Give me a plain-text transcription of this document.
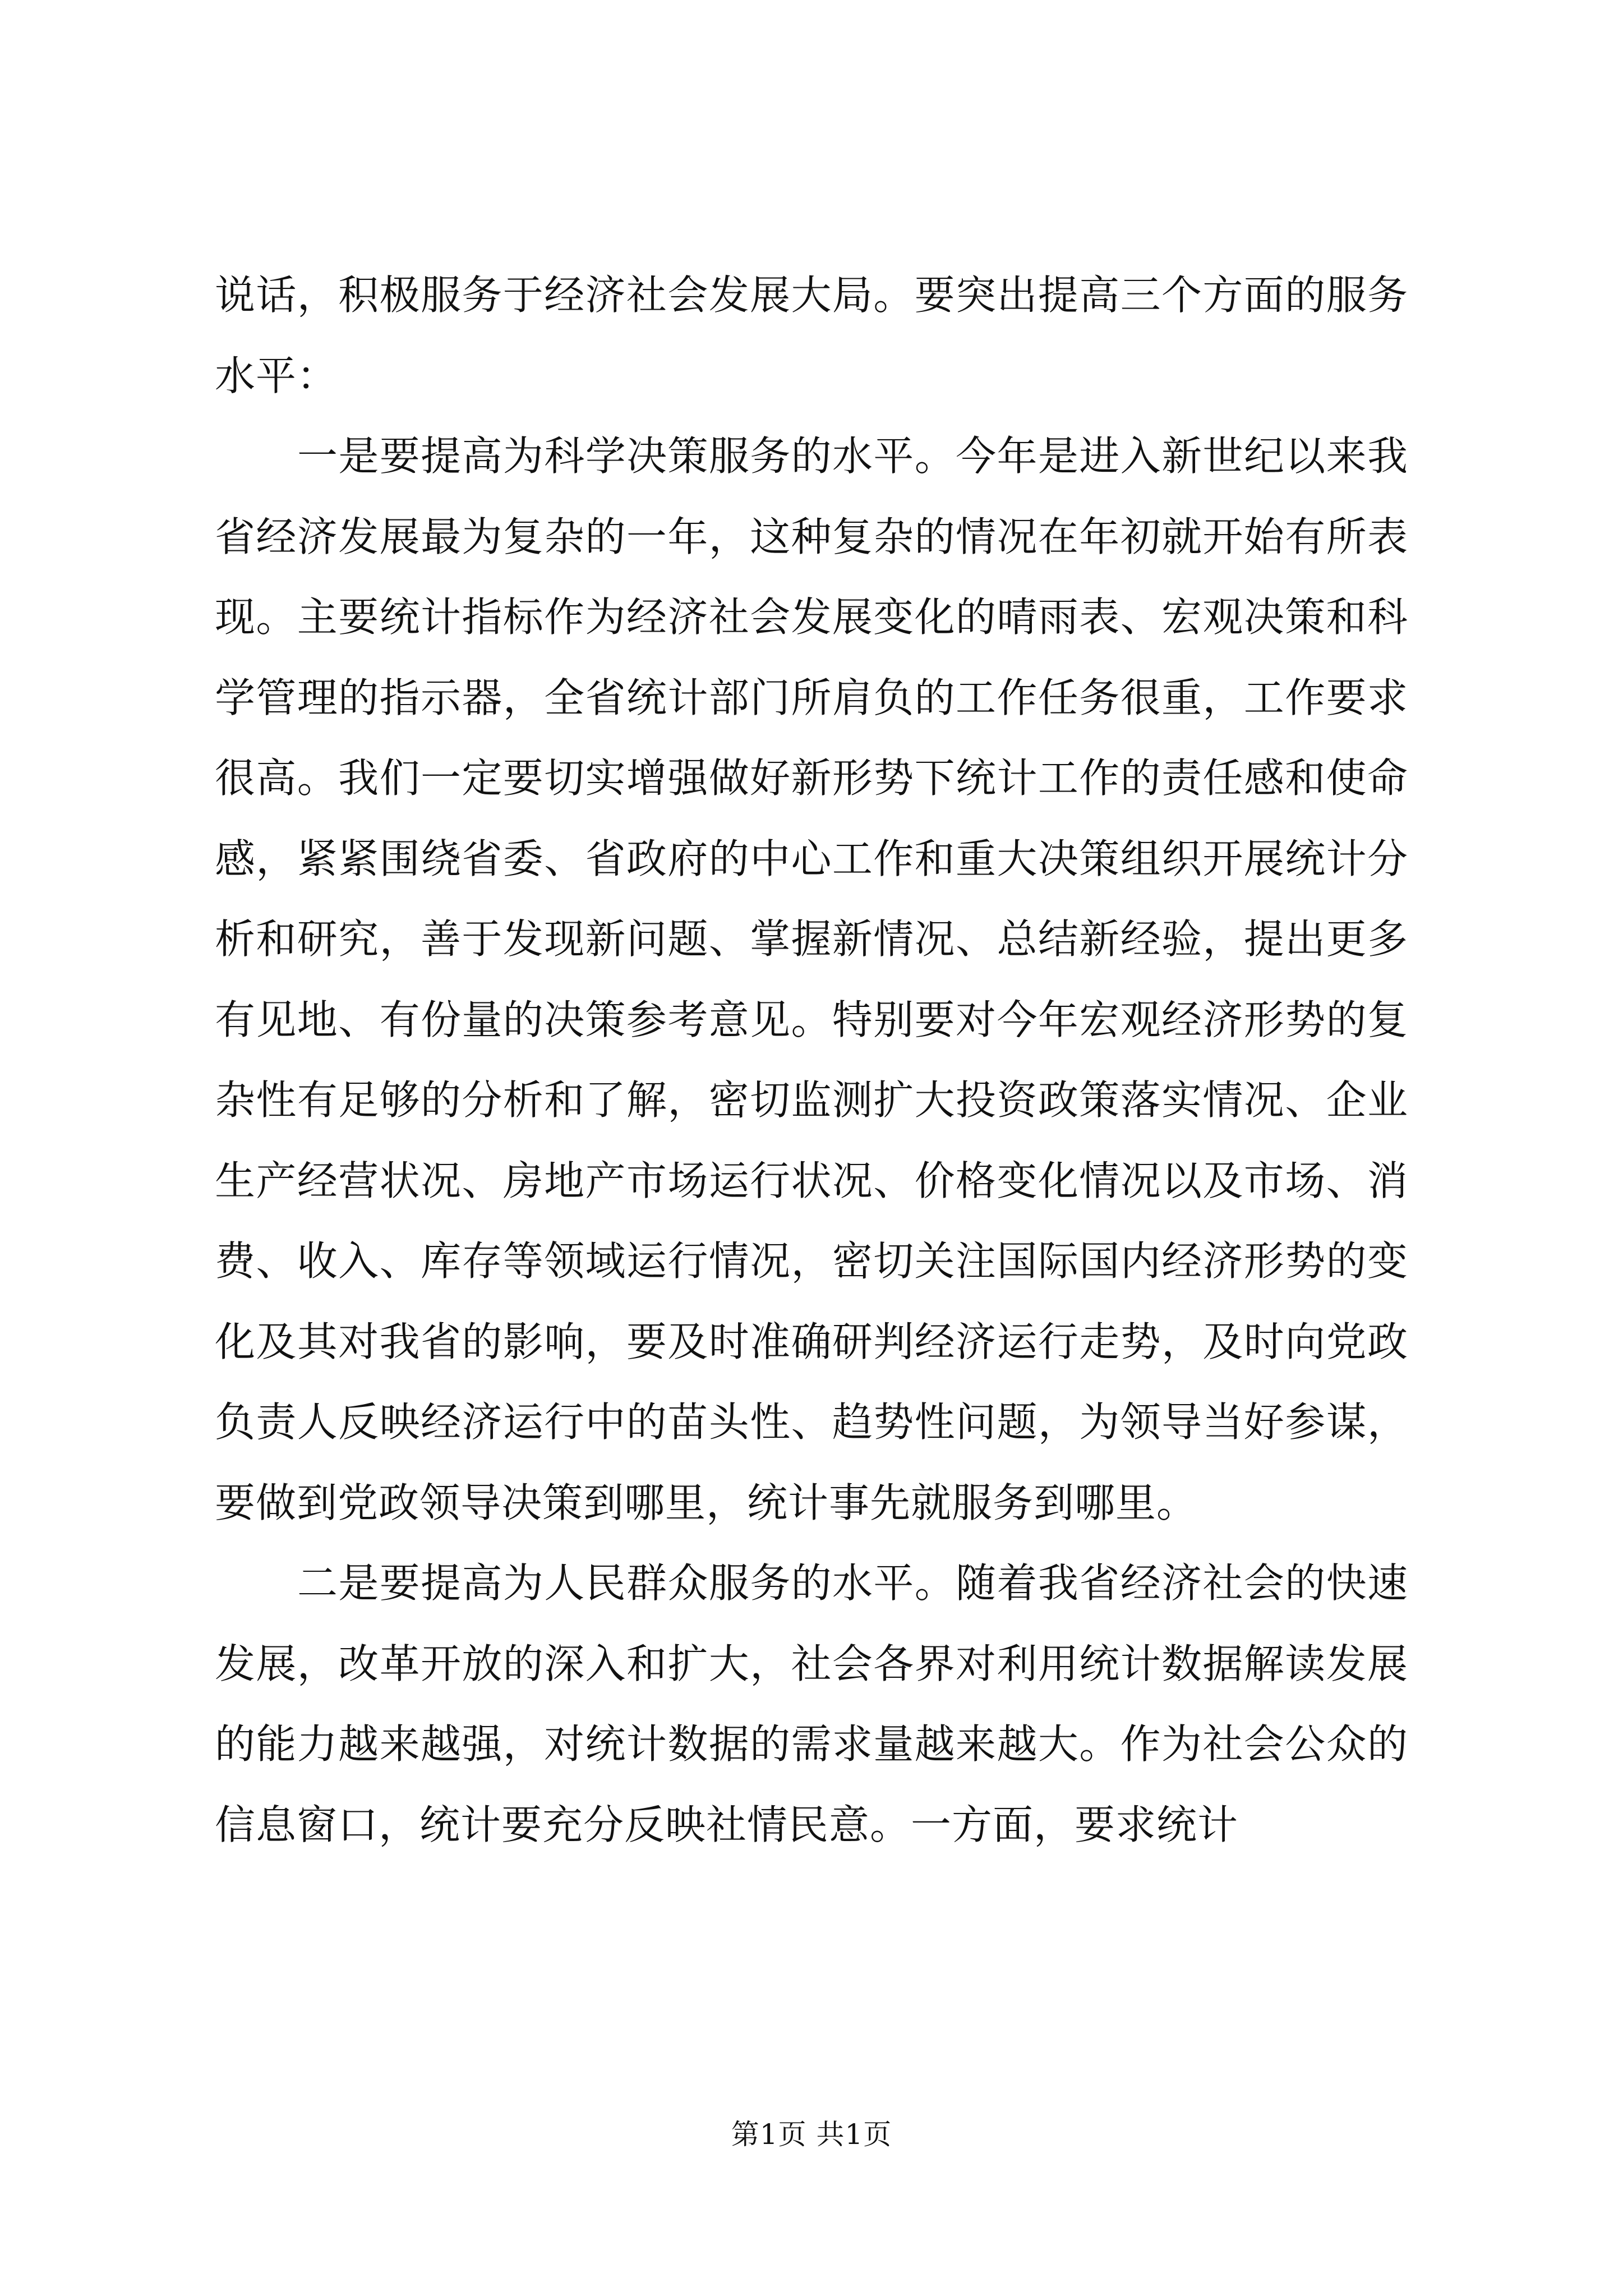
说话，积极服务于经济社会发展大局。要突出提高三个方面的服务水平：

一是要提高为科学决策服务的水平。今年是进入新世纪以来我省经济发展最为复杂的一年，这种复杂的情况在年初就开始有所表现。主要统计指标作为经济社会发展变化的晴雨表、宏观决策和科学管理的指示器，全省统计部门所肩负的工作任务很重，工作要求很高。我们一定要切实增强做好新形势下统计工作的责任感和使命感，紧紧围绕省委、省政府的中心工作和重大决策组织开展统计分析和研究，善于发现新问题、掌握新情况、总结新经验，提出更多有见地、有份量的决策参考意见。特别要对今年宏观经济形势的复杂性有足够的分析和了解，密切监测扩大投资政策落实情况、企业生产经营状况、房地产市场运行状况、价格变化情况以及市场、消费、收入、库存等领域运行情况，密切关注国际国内经济形势的变化及其对我省的影响，要及时准确研判经济运行走势，及时向党政负责人反映经济运行中的苗头性、趋势性问题，为领导当好参谋，要做到党政领导决策到哪里，统计事先就服务到哪里。

二是要提高为人民群众服务的水平。随着我省经济社会的快速发展，改革开放的深入和扩大，社会各界对利用统计数据解读发展的能力越来越强，对统计数据的需求量越来越大。作为社会公众的信息窗口，统计要充分反映社情民意。一方面，要求统计

第1页 共1页
